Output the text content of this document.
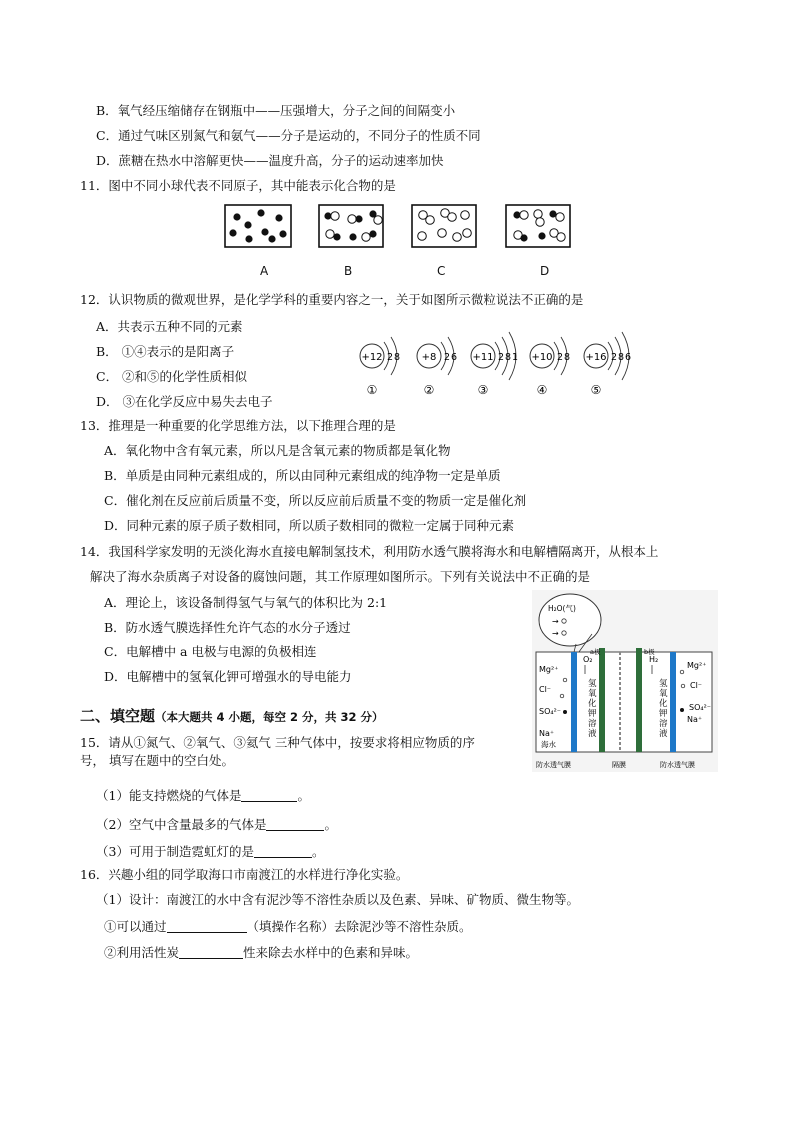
B．氧气经压缩储存在钢瓶中——压强增大，分子之间的间隔变小
C．通过气味区别氮气和氨气——分子是运动的，不同分子的性质不同
D．蔗糖在热水中溶解更快——温度升高，分子的运动速率加快
11．图中不同小球代表不同原子，其中能表示化合物的是
A	B	C	D
12．认识物质的微观世界，是化学学科的重要内容之一，关于如图所示微粒说法不正确的是
A．共表示五种不同的元素
B． ①④表示的是阳离子
C． ②和⑤的化学性质相似
D． ③在化学反应中易失去电子
+12 2 8
①
+8 2 6
②
+11 2 8 1
③
+10 2 8
④
+16 2 8 6
⑤
13．推理是一种重要的化学思维方法，以下推理合理的是
A．氧化物中含有氧元素，所以凡是含氧元素的物质都是氧化物
B．单质是由同种元素组成的，所以由同种元素组成的纯净物一定是单质
C．催化剂在反应前后质量不变，所以反应前后质量不变的物质一定是催化剂
D．同种元素的原子质子数相同，所以质子数相同的微粒一定属于同种元素
14．我国科学家发明的无淡化海水直接电解制氢技术，利用防水透气膜将海水和电解槽隔离开，从根本上
解决了海水杂质离子对设备的腐蚀问题，其工作原理如图所示。下列有关说法中不正确的是
A．理论上，该设备制得氢气与氧气的体积比为 2:1
B．防水透气膜选择性允许气态的水分子透过
C．电解槽中 a 电极与电源的负极相连
D．电解槽中的氢氧化钾可增强水的导电能力
H₂O(气)
→
→
O₂
a极	b极
H₂
氢氧化钾溶液
氢氧化钾溶液
Mg²⁺
Cl⁻
SO₄²⁻
Na⁺
海水
Mg²⁺
Cl⁻
SO₄²⁻
Na⁺
防水透气膜	隔膜	防水透气膜
二、填空题（本大题共 4 小题，每空 2 分，共 32 分）
15．请从①氮气、②氧气、③氦气 三种气体中，按要求将相应物质的序
号， 填写在题中的空白处。
（1）能支持燃烧的气体是	。
（2）空气中含量最多的气体是	。
（3）可用于制造霓虹灯的是	。
16．兴趣小组的同学取海口市南渡江的水样进行净化实验。
（1）设计：南渡江的水中含有泥沙等不溶性杂质以及色素、异味、矿物质、微生物等。
①可以通过	（填操作名称）去除泥沙等不溶性杂质。
②利用活性炭	性来除去水样中的色素和异味。
